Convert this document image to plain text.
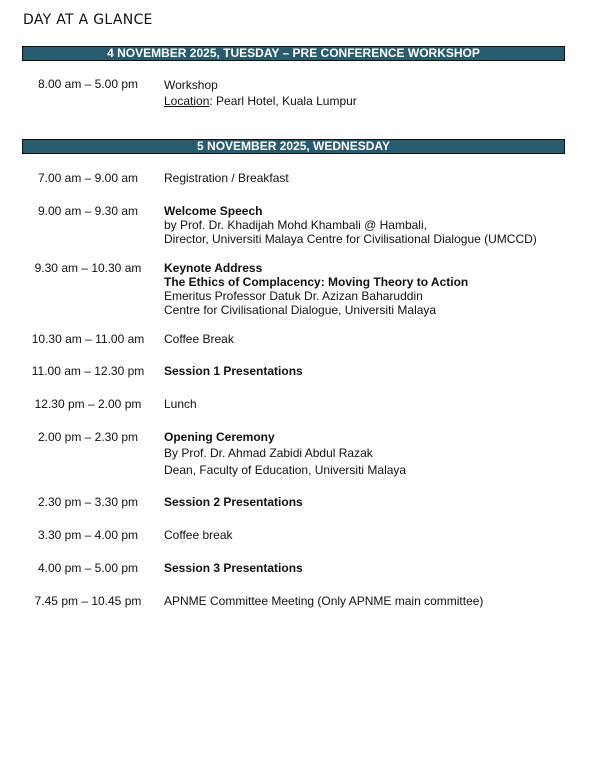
DAY AT A GLANCE
4 NOVEMBER 2025, TUESDAY – PRE CONFERENCE WORKSHOP
8.00 am – 5.00 pm	Workshop
Location: Pearl Hotel, Kuala Lumpur
5 NOVEMBER 2025, WEDNESDAY
7.00 am – 9.00 am	Registration / Breakfast
9.00 am – 9.30 am	Welcome Speech
by Prof. Dr. Khadijah Mohd Khambali @ Hambali,
Director, Universiti Malaya Centre for Civilisational Dialogue (UMCCD)
9.30 am – 10.30 am	Keynote Address
The Ethics of Complacency: Moving Theory to Action
Emeritus Professor Datuk Dr. Azizan Baharuddin
Centre for Civilisational Dialogue, Universiti Malaya
10.30 am – 11.00 am	Coffee Break
11.00 am – 12.30 pm	Session 1 Presentations
12.30 pm – 2.00 pm	Lunch
2.00 pm – 2.30 pm	Opening Ceremony
By Prof. Dr. Ahmad Zabidi Abdul Razak
Dean, Faculty of Education, Universiti Malaya
2.30 pm – 3.30 pm	Session 2 Presentations
3.30 pm – 4.00 pm	Coffee break
4.00 pm – 5.00 pm	Session 3 Presentations
7.45 pm – 10.45 pm	APNME Committee Meeting (Only APNME main committee)
